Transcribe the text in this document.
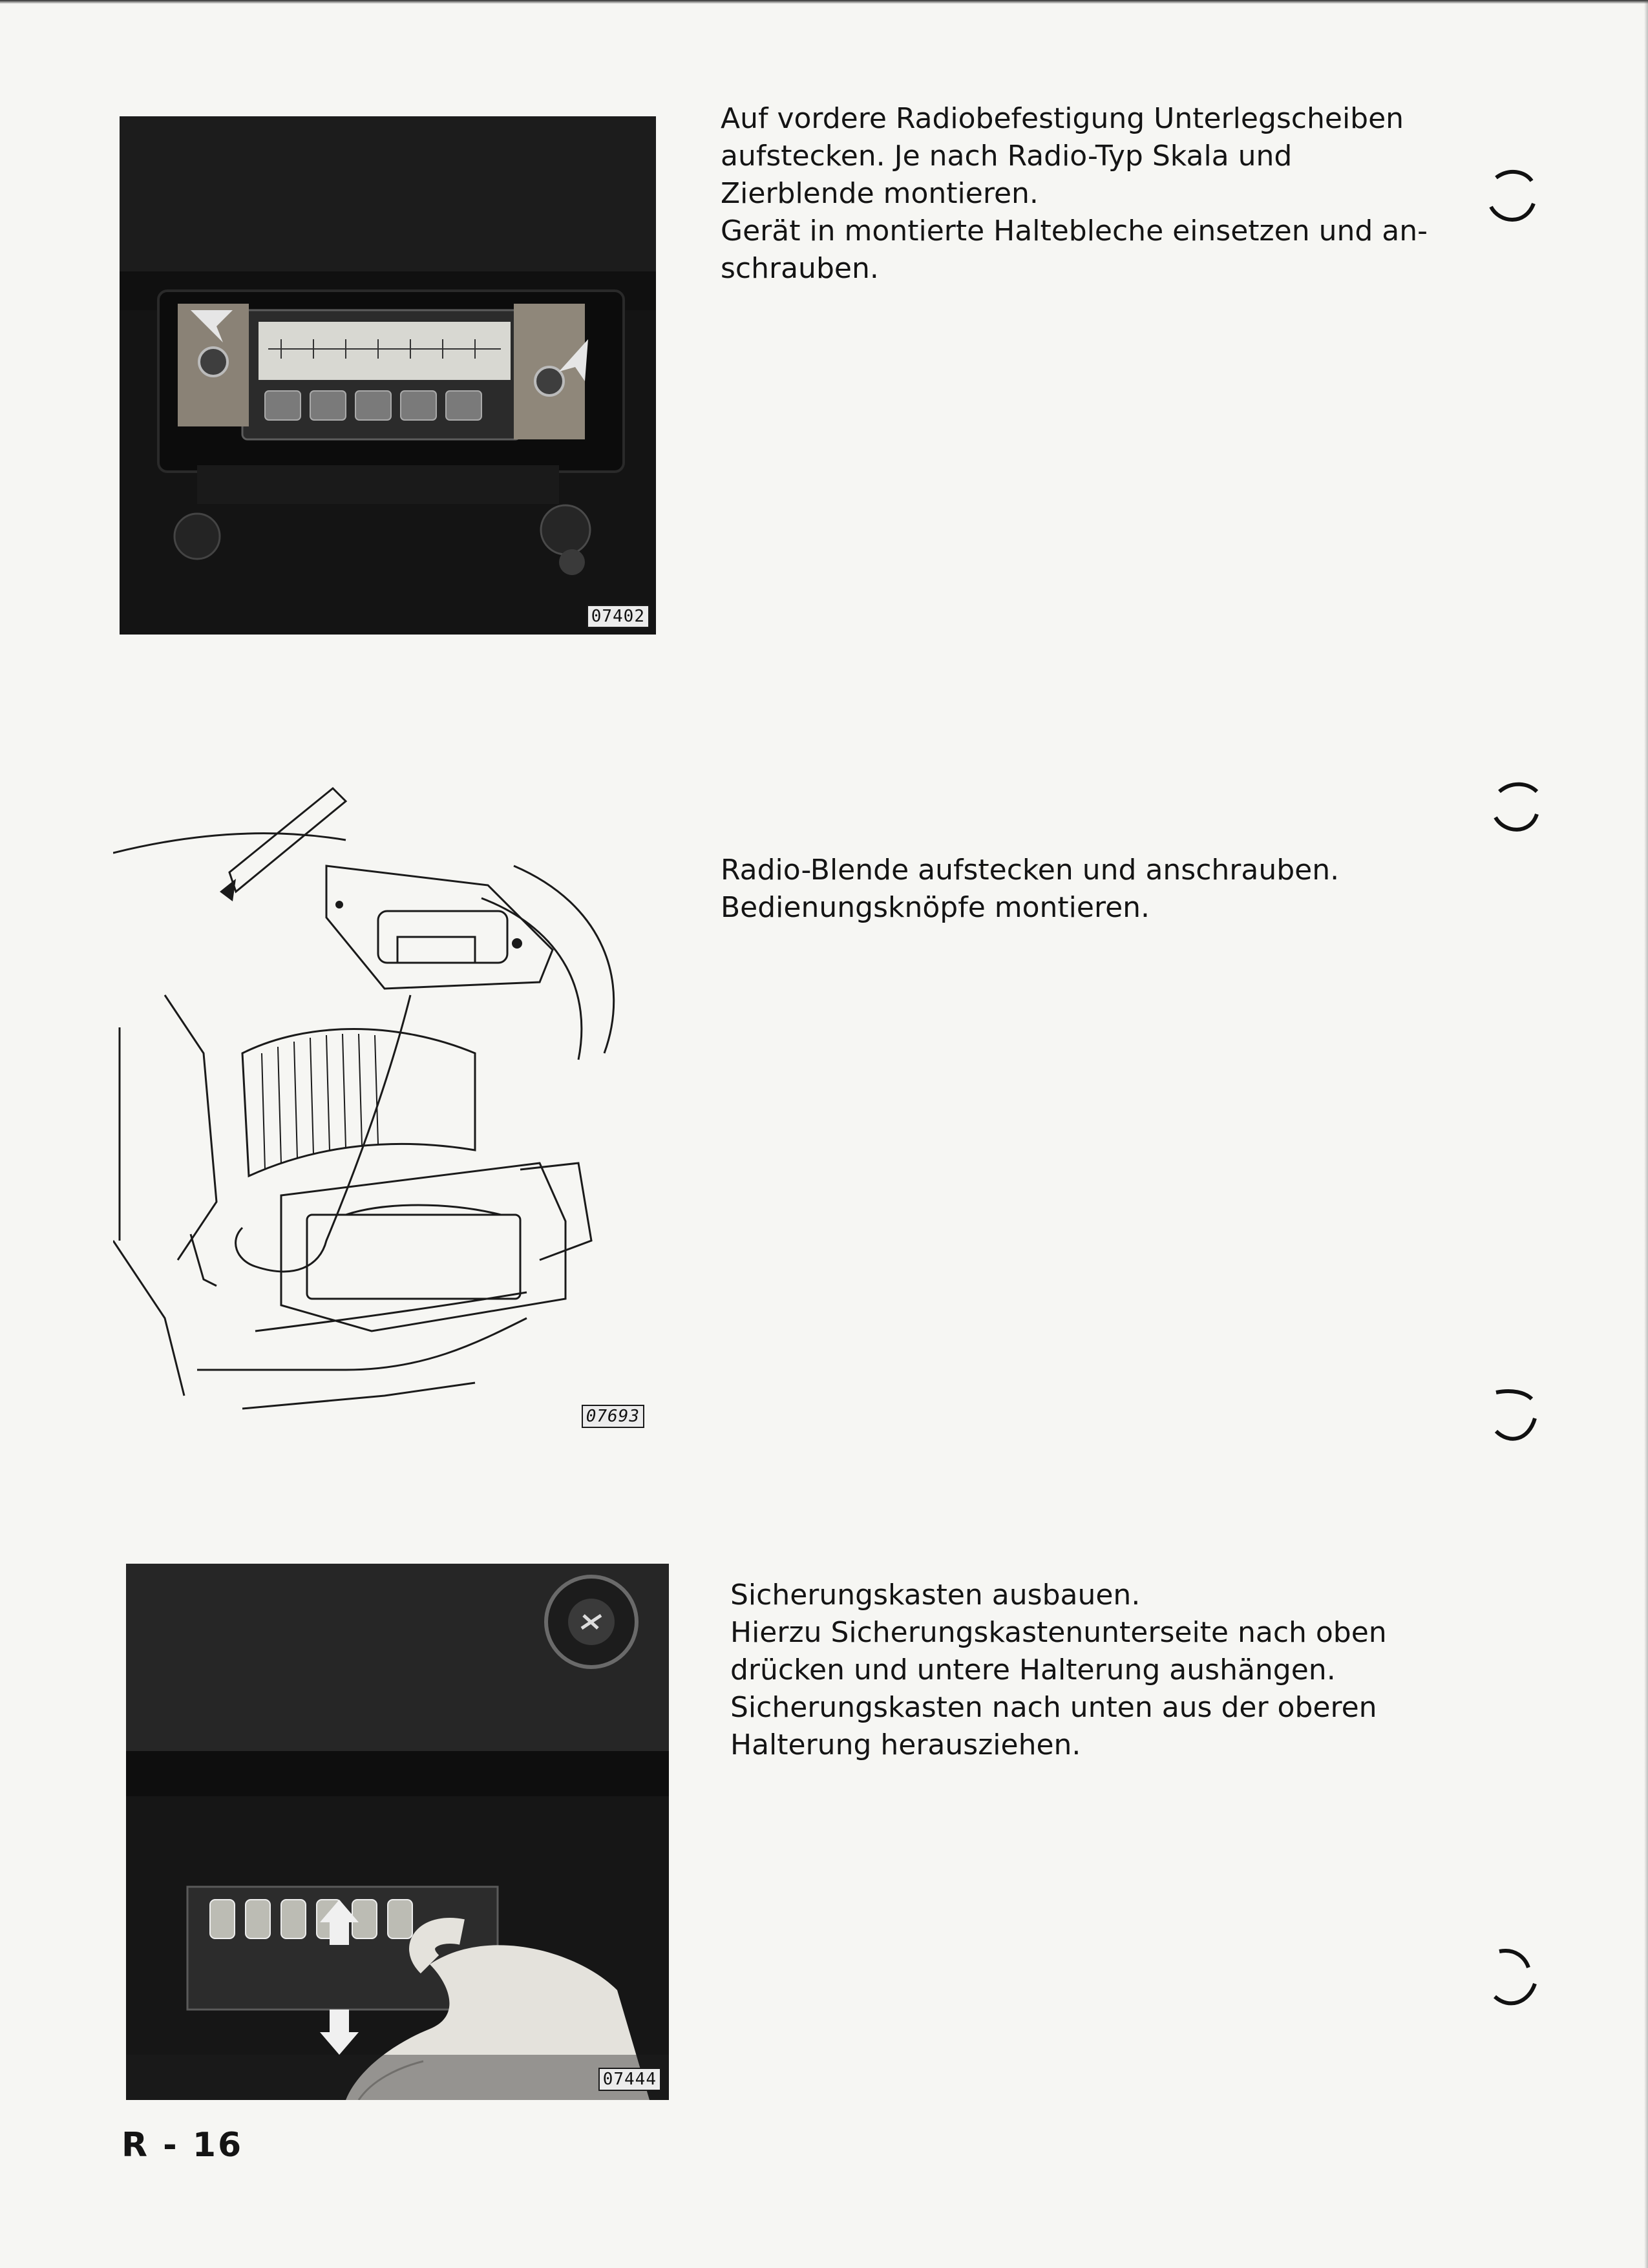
07402
Auf vordere Radiobefestigung Unterlegscheiben
aufstecken. Je nach Radio-Typ Skala und
Zierblende montieren.
Gerät in montierte Haltebleche einsetzen und an-
schrauben.
07693
Radio-Blende aufstecken und anschrauben.
Bedienungsknöpfe montieren.
07444
Sicherungskasten ausbauen.
Hierzu Sicherungskastenunterseite nach oben
drücken und untere Halterung aushängen.
Sicherungskasten nach unten aus der oberen
Halterung herausziehen.
R - 16
